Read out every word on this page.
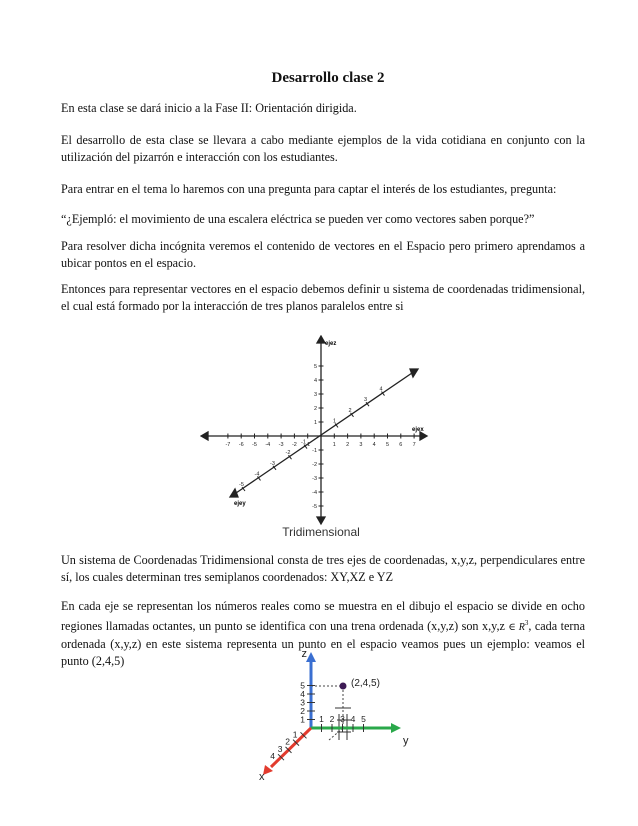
Desarrollo clase 2

En esta clase se dará inicio a la Fase II: Orientación dirigida.

El desarrollo de esta clase se llevara a cabo mediante ejemplos de la vida cotidiana en conjunto con la utilización del pizarrón e interacción con los estudiantes.

Para entrar en el tema lo haremos con una pregunta para captar el interés de los estudiantes, pregunta:

“¿Ejempló: el movimiento de una escalera eléctrica se pueden ver como vectores saben porque?”

Para resolver dicha incógnita veremos el contenido de vectores en el Espacio pero primero aprendamos a ubicar pontos en el espacio.

Entonces para representar vectores en el espacio debemos definir u sistema de coordenadas tridimensional, el cual está formado por la interacción de tres planos paralelos entre si

-7 -6 -5 -4 -3 -2 -1	1 2 3 4 5 6 7
5
4
3
2
1
-1
-2
-3
-4
-5
1
2
3
4
-1
-2
-3
-4
-5
ejez
ejex
ejey
Tridimensional

Un sistema de Coordenadas Tridimensional consta de tres ejes de coordenadas, x,y,z, perpendiculares entre sí, los cuales determinan tres semiplanos coordenados: XY,XZ e YZ

En cada eje se representan los números reales como se muestra en el dibujo el espacio se divide en ocho regiones llamadas octantes, un punto se identifica con una trena ordenada (x,y,z) son x,y,z ∈ $R^3$, cada terna ordenada (x,y,z) en este sistema representa un punto en el espacio veamos pues un ejemplo: veamos el punto (2,4,5)

5
4
3
2
1 1 2 3 4 5
1
2
3
4
(2,4,5)
z
y
x
